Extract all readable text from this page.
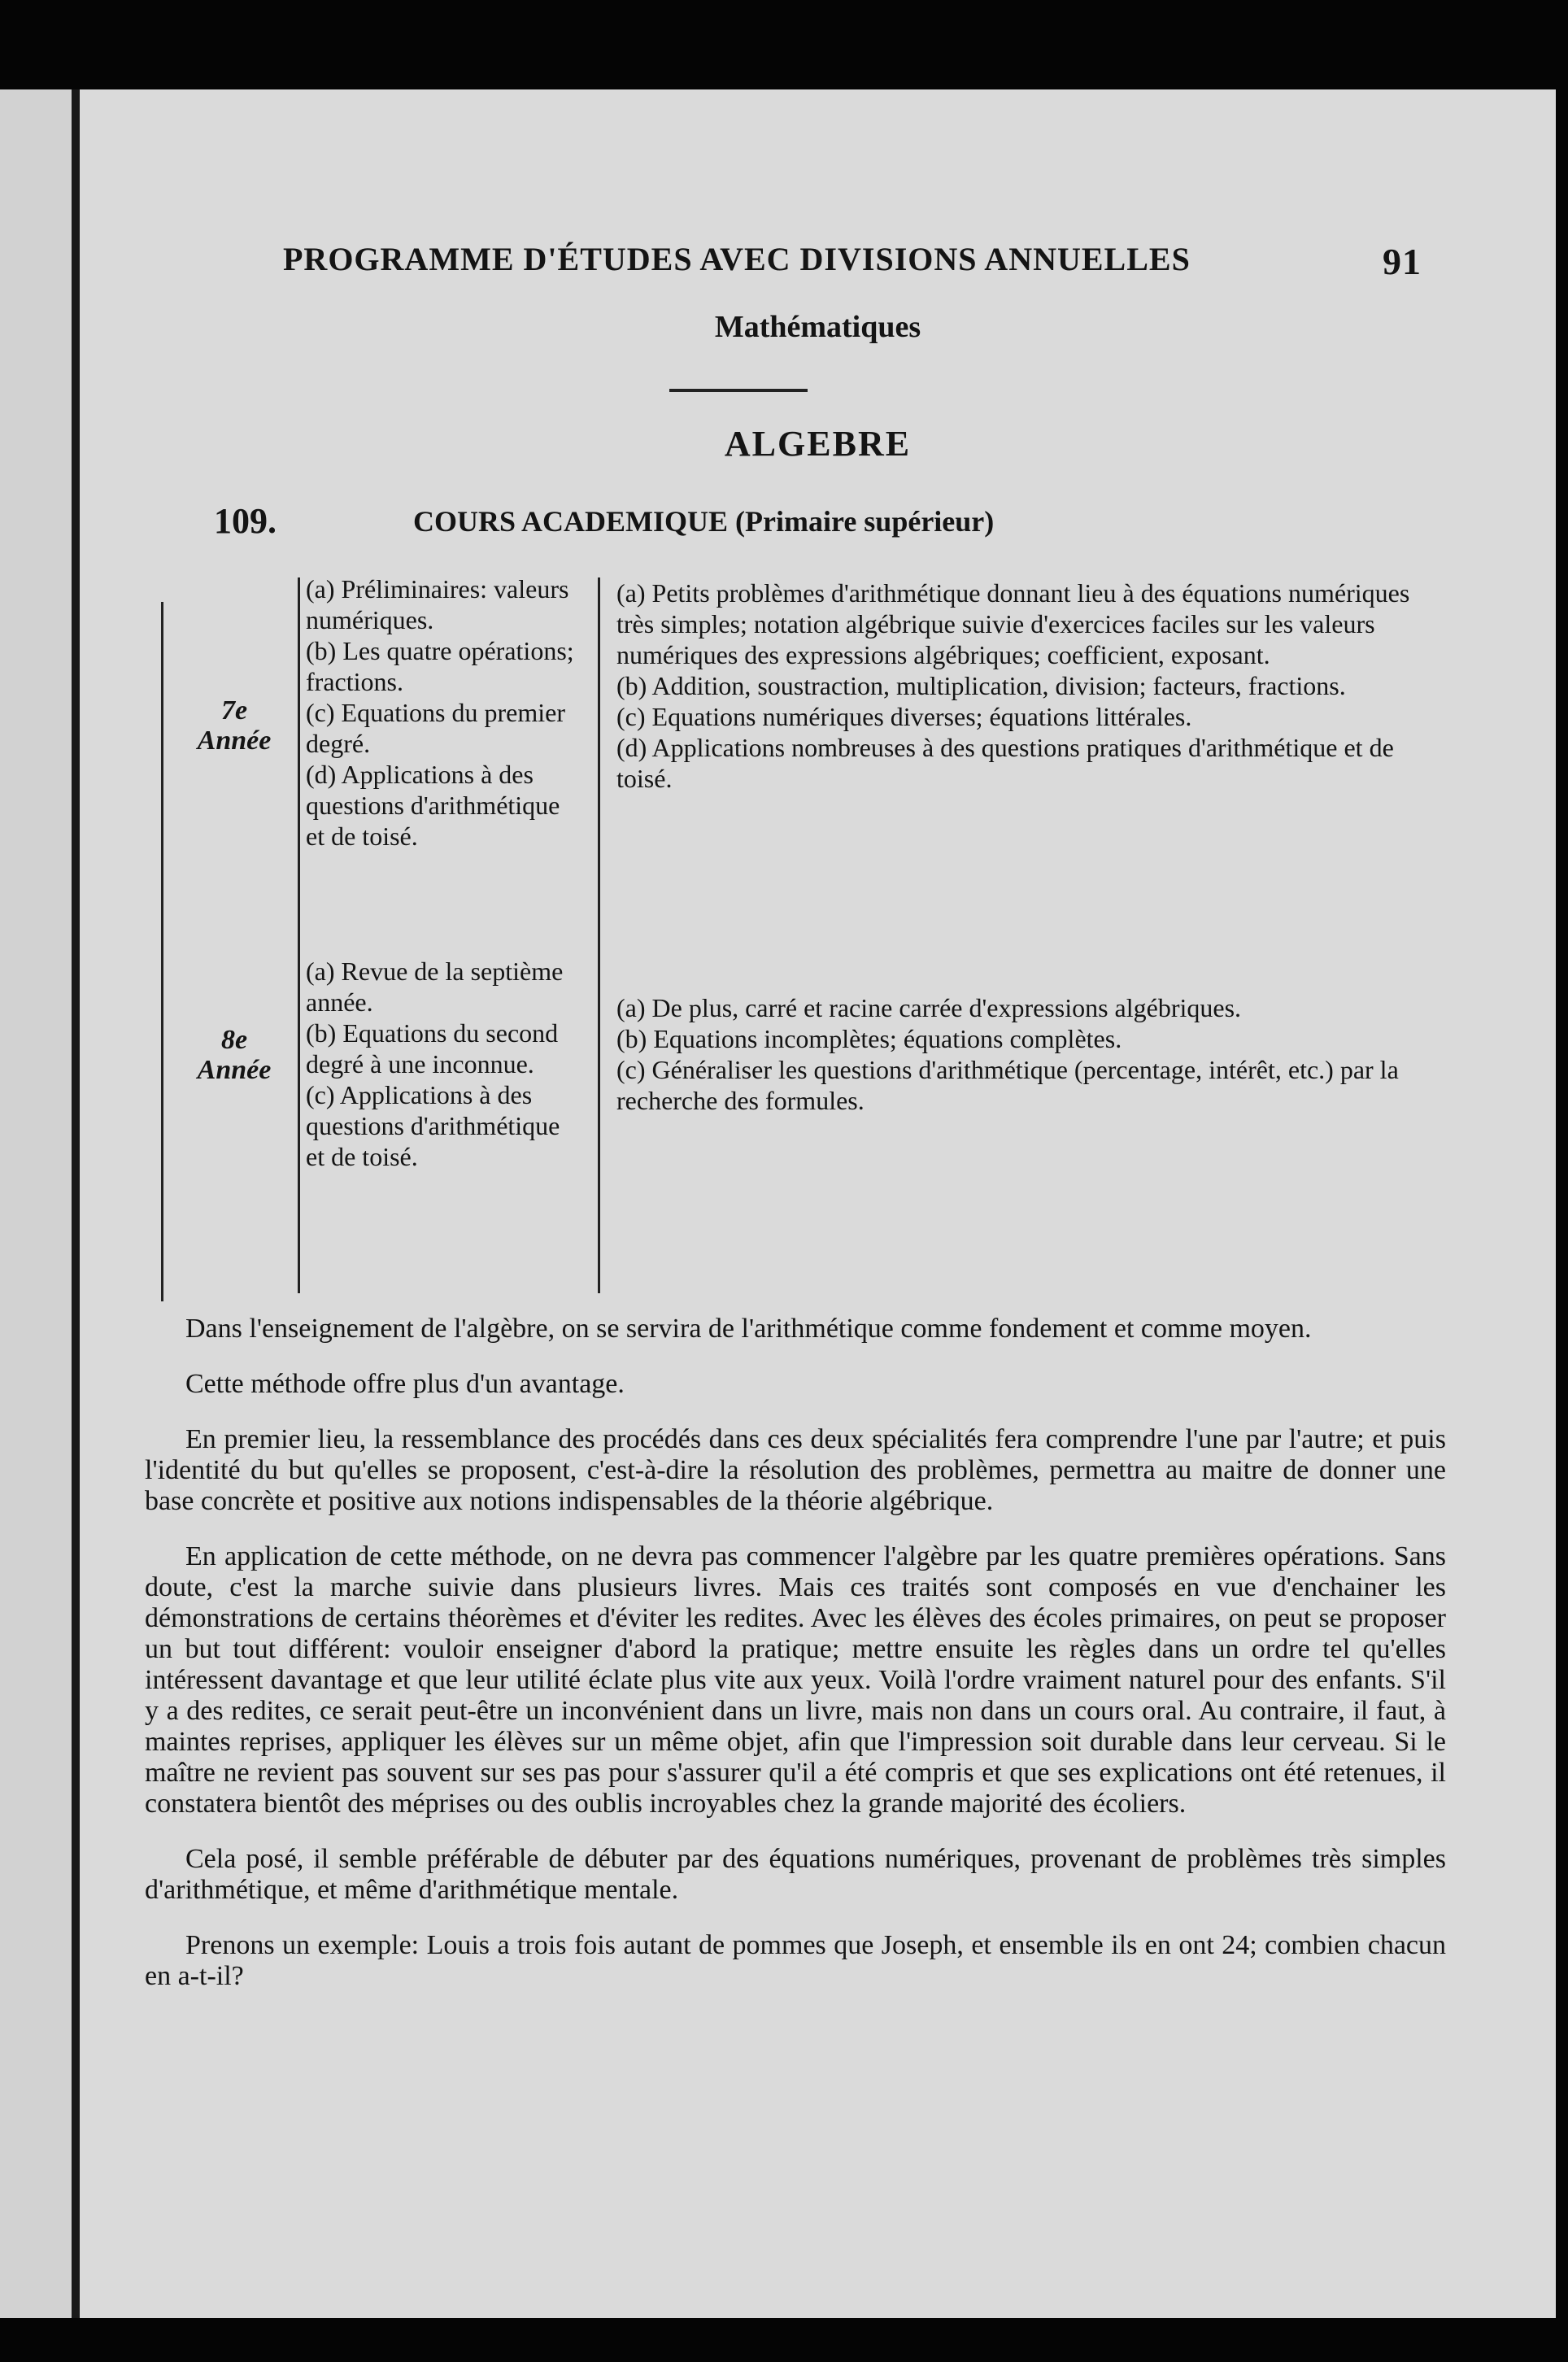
PROGRAMME D'ÉTUDES AVEC DIVISIONS ANNUELLES	91
Mathématiques
ALGEBRE
109.	COURS ACADEMIQUE (Primaire supérieur)
7e
Année

(a) Préliminaires: valeurs numériques.

(b) Les quatre opérations; fractions.

(c) Equations du premier degré.

(d) Applications à des questions d'arithmétique et de toisé.

(a) Petits problèmes d'arithmétique donnant lieu à des équations numériques très simples; notation algébrique suivie d'exercices faciles sur les valeurs numériques des expressions algébriques; coefficient, exposant.

(b) Addition, soustraction, multiplication, division; facteurs, fractions.

(c) Equations numériques diverses; équations littérales.

(d) Applications nombreuses à des questions pratiques d'arithmétique et de toisé.

8e
Année

(a) Revue de la septième année.

(b) Equations du second degré à une inconnue.

(c) Applications à des questions d'arithmétique et de toisé.

(a) De plus, carré et racine carrée d'expressions algébriques.

(b) Equations incomplètes; équations complètes.

(c) Généraliser les questions d'arithmétique (percentage, intérêt, etc.) par la recherche des formules.

Dans l'enseignement de l'algèbre, on se servira de l'arithmétique comme fondement et comme moyen.

Cette méthode offre plus d'un avantage.

En premier lieu, la ressemblance des procédés dans ces deux spécialités fera comprendre l'une par l'autre; et puis l'identité du but qu'elles se proposent, c'est-à-dire la résolution des problèmes, permettra au maitre de donner une base concrète et positive aux notions indispensables de la théorie algébrique.

En application de cette méthode, on ne devra pas commencer l'algèbre par les quatre premières opérations. Sans doute, c'est la marche suivie dans plusieurs livres. Mais ces traités sont composés en vue d'enchainer les démonstrations de certains théorèmes et d'éviter les redites. Avec les élèves des écoles primaires, on peut se proposer un but tout différent: vouloir enseigner d'abord la pratique; mettre ensuite les règles dans un ordre tel qu'elles intéressent davantage et que leur utilité éclate plus vite aux yeux. Voilà l'ordre vraiment naturel pour des enfants. S'il y a des redites, ce serait peut-être un inconvénient dans un livre, mais non dans un cours oral. Au contraire, il faut, à maintes reprises, appliquer les élèves sur un même objet, afin que l'impression soit durable dans leur cerveau. Si le maître ne revient pas souvent sur ses pas pour s'assurer qu'il a été compris et que ses explications ont été retenues, il constatera bientôt des méprises ou des oublis incroyables chez la grande majorité des écoliers.

Cela posé, il semble préférable de débuter par des équations numériques, provenant de problèmes très simples d'arithmétique, et même d'arithmétique mentale.

Prenons un exemple: Louis a trois fois autant de pommes que Joseph, et ensemble ils en ont 24; combien chacun en a-t-il?
